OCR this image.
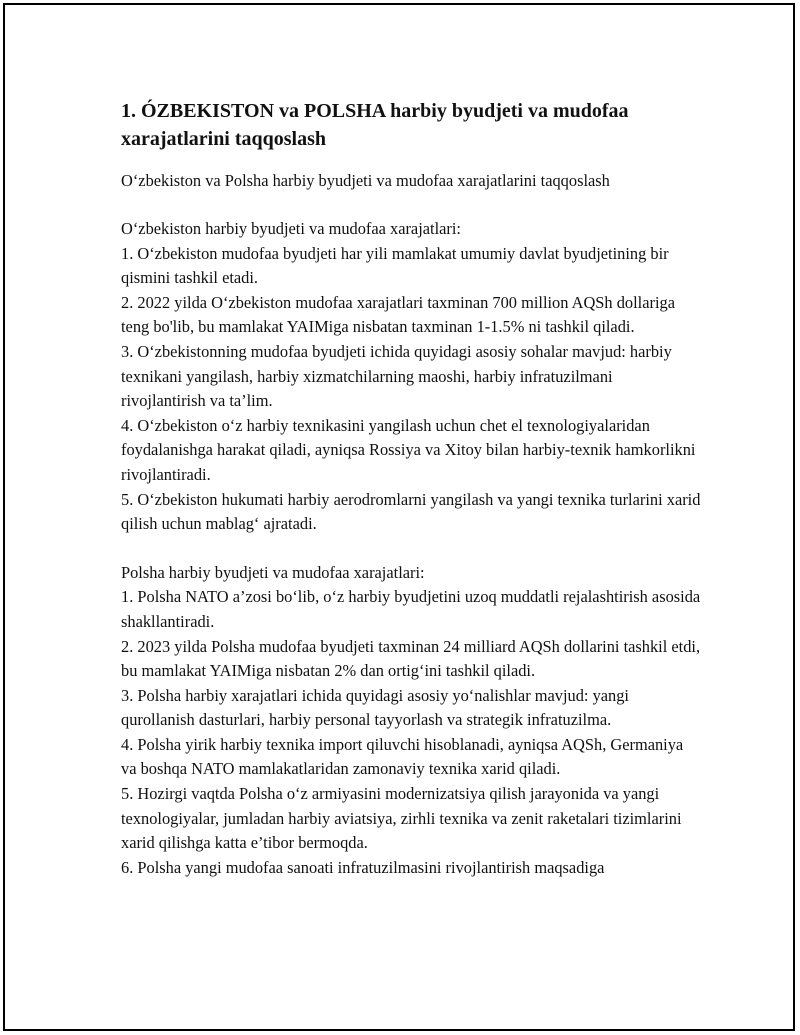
1. ÓZBEKISTON va POLSHA harbiy byudjeti va mudofaa xarajatlarini taqqoslash
O‘zbekiston va Polsha harbiy byudjeti va mudofaa xarajatlarini taqqoslash
O‘zbekiston harbiy byudjeti va mudofaa xarajatlari:
1. O‘zbekiston mudofaa byudjeti har yili mamlakat umumiy davlat byudjetining bir qismini tashkil etadi.
2. 2022 yilda O‘zbekiston mudofaa xarajatlari taxminan 700 million AQSh dollariga teng bo'lib, bu mamlakat YAIMiga nisbatan taxminan 1-1.5% ni tashkil qiladi.
3. O‘zbekistonning mudofaa byudjeti ichida quyidagi asosiy sohalar mavjud: harbiy texnikani yangilash, harbiy xizmatchilarning maoshi, harbiy infratuzilmani rivojlantirish va ta’lim.
4. O‘zbekiston o‘z harbiy texnikasini yangilash uchun chet el texnologiyalaridan foydalanishga harakat qiladi, ayniqsa Rossiya va Xitoy bilan harbiy-texnik hamkorlikni rivojlantiradi.
5. O‘zbekiston hukumati harbiy aerodromlarni yangilash va yangi texnika turlarini xarid qilish uchun mablag‘ ajratadi.
Polsha harbiy byudjeti va mudofaa xarajatlari:
1. Polsha NATO a’zosi bo‘lib, o‘z harbiy byudjetini uzoq muddatli rejalashtirish asosida shakllantiradi.
2. 2023 yilda Polsha mudofaa byudjeti taxminan 24 milliard AQSh dollarini tashkil etdi, bu mamlakat YAIMiga nisbatan 2% dan ortig‘ini tashkil qiladi.
3. Polsha harbiy xarajatlari ichida quyidagi asosiy yo‘nalishlar mavjud: yangi qurollanish dasturlari, harbiy personal tayyorlash va strategik infratuzilma.
4. Polsha yirik harbiy texnika import qiluvchi hisoblanadi, ayniqsa AQSh, Germaniya va boshqa NATO mamlakatlaridan zamonaviy texnika xarid qiladi.
5. Hozirgi vaqtda Polsha o‘z armiyasini modernizatsiya qilish jarayonida va yangi texnologiyalar, jumladan harbiy aviatsiya, zirhli texnika va zenit raketalari tizimlarini xarid qilishga katta e’tibor bermoqda.
6. Polsha yangi mudofaa sanoati infratuzilmasini rivojlantirish maqsadiga
